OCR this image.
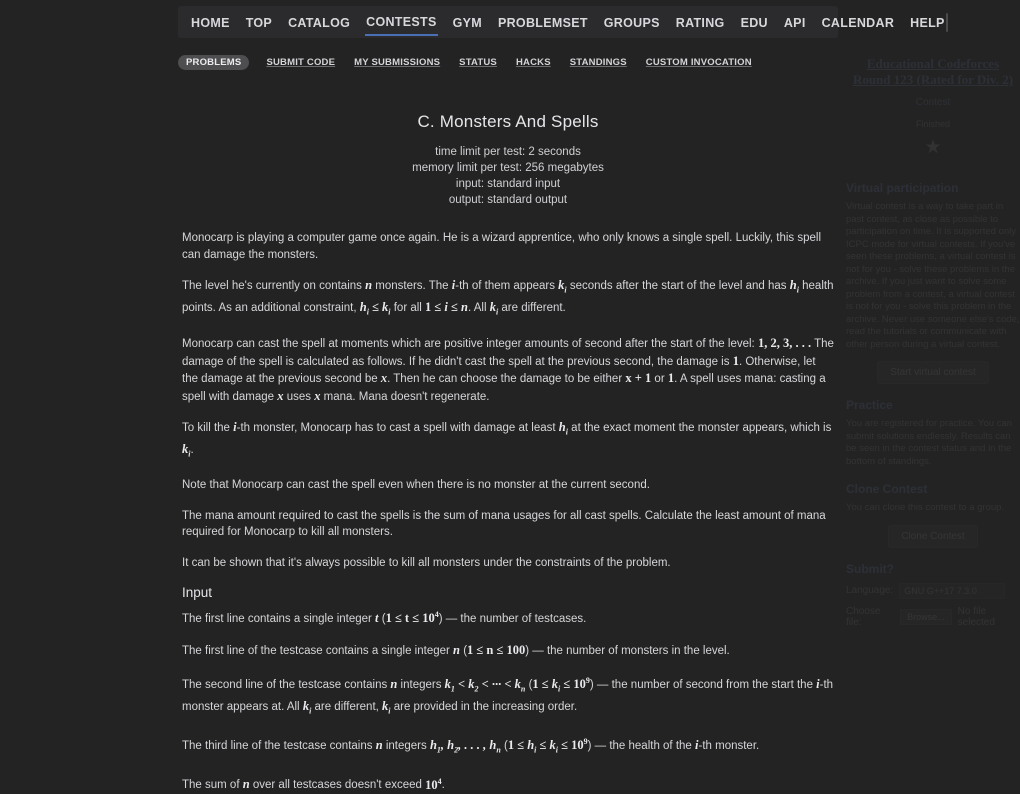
HOME TOP CATALOG CONTESTS GYM PROBLEMSET GROUPS RATING EDU API CALENDAR HELP
PROBLEMS	SUBMIT CODE MY SUBMISSIONS STATUS HACKS STANDINGS CUSTOM INVOCATION
C. Monsters And Spells
time limit per test: 2 seconds
memory limit per test: 256 megabytes
input: standard input
output: standard output

Monocarp is playing a computer game once again. He is a wizard apprentice, who only knows a single spell. Luckily, this spell can damage the monsters.

The level he's currently on contains n monsters. The i-th of them appears $k_i$ seconds after the start of the level and has $h_i$ health points. As an additional constraint, $h_i \le k_i$ for all 1 ≤ i ≤ n. All $k_i$ are different.

Monocarp can cast the spell at moments which are positive integer amounts of second after the start of the level: 1, 2, 3, . . . The damage of the spell is calculated as follows. If he didn't cast the spell at the previous second, the damage is 1. Otherwise, let the damage at the previous second be x. Then he can choose the damage to be either x + 1 or 1. A spell uses mana: casting a spell with damage x uses x mana. Mana doesn't regenerate.

To kill the i-th monster, Monocarp has to cast a spell with damage at least $h_i$ at the exact moment the monster appears, which is $k_i$.

Note that Monocarp can cast the spell even when there is no monster at the current second.

The mana amount required to cast the spells is the sum of mana usages for all cast spells. Calculate the least amount of mana required for Monocarp to kill all monsters.

It can be shown that it's always possible to kill all monsters under the constraints of the problem.

Input

The first line contains a single integer t $(1 \le t \le 10^4)$ — the number of testcases.

The first line of the testcase contains a single integer n (1 ≤ n ≤ 100) — the number of monsters in the level.

The second line of the testcase contains n integers $k_1 < k_2$ < ··· < $k_n$ $(1 \le k_i \le 10^9)$ — the number of second from the start the i-th monster appears at. All $k_i$ are different, $k_i$ are provided in the increasing order.

The third line of the testcase contains n integers $h_1$, $h_2$, . . . , $h_n$ $(1 \le h_i \le k_i \le 10^9)$ — the health of the i-th monster.

The sum of n over all testcases doesn't exceed $10^4$.

Educational Codeforces Round 123 (Rated for Div. 2)
Contest
Finished
★
Virtual participation
Virtual contest is a way to take part in past contest, as close as possible to participation on time. It is supported only ICPC mode for virtual contests. If you've seen these problems, a virtual contest is not for you - solve these problems in the archive. If you just want to solve some problem from a contest, a virtual contest is not for you - solve this problem in the archive. Never use someone else's code, read the tutorials or communicate with other person during a virtual contest.
Start virtual contest
Practice
You are registered for practice. You can submit solutions endlessly. Results can be seen in the contest status and in the bottom of standings.
Clone Contest
You can clone this contest to a group.
Clone Contest
Submit?
Language:	GNU G++17 7.3.0
Choose file:	Browse...	No file selected
